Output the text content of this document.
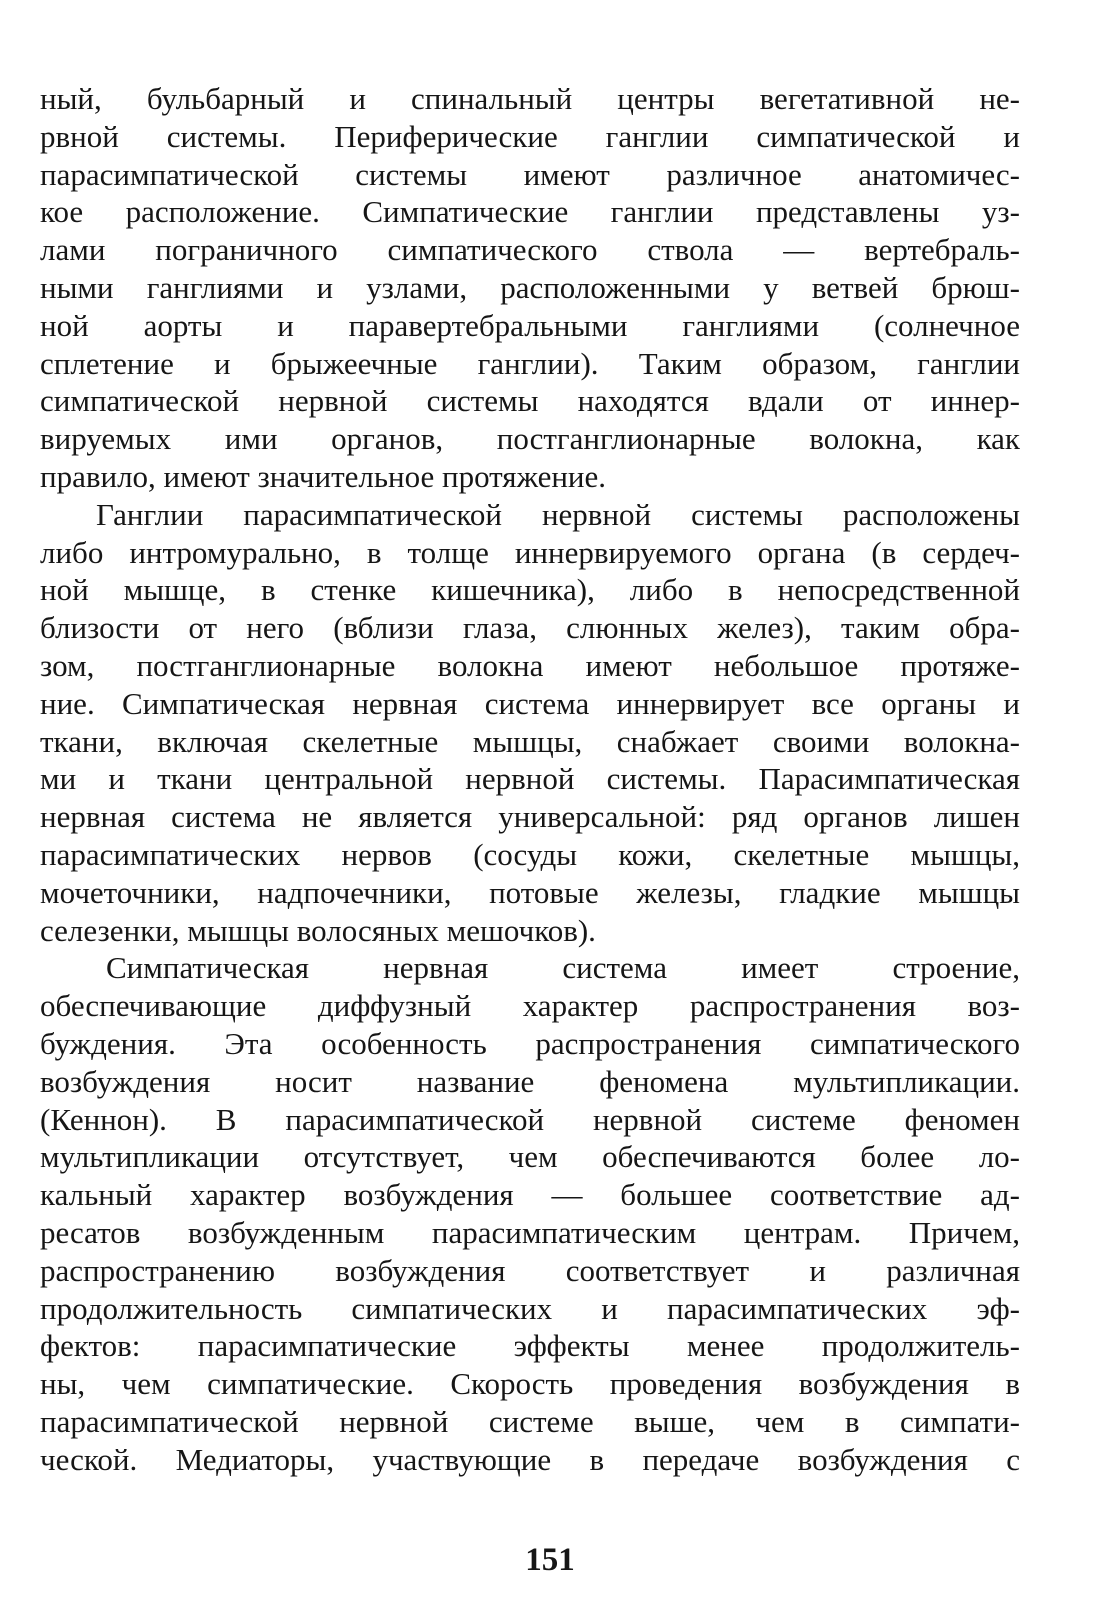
ный, бульбарный и спинальный центры вегетативной не-
рвной системы. Периферические ганглии симпатической и
парасимпатической системы имеют различное анатомичес-
кое расположение. Симпатические ганглии представлены уз-
лами пограничного симпатического ствола — вертебраль-
ными ганглиями и узлами, расположенными у ветвей брюш-
ной аорты и паравертебральными ганглиями (солнечное
сплетение и брыжеечные ганглии). Таким образом, ганглии
симпатической нервной системы находятся вдали от иннер-
вируемых ими органов, постганглионарные волокна, как
правило, имеют значительное протяжение.
Ганглии парасимпатической нервной системы расположены
либо интромурально, в толще иннервируемого органа (в сердеч-
ной мышце, в стенке кишечника), либо в непосредственной
близости от него (вблизи глаза, слюнных желез), таким обра-
зом, постганглионарные волокна имеют небольшое протяже-
ние. Симпатическая нервная система иннервирует все органы и
ткани, включая скелетные мышцы, снабжает своими волокна-
ми и ткани центральной нервной системы. Парасимпатическая
нервная система не является универсальной: ряд органов лишен
парасимпатических нервов (сосуды кожи, скелетные мышцы,
мочеточники, надпочечники, потовые железы, гладкие мышцы
селезенки, мышцы волосяных мешочков).
Симпатическая нервная система имеет строение,
обеспечивающие диффузный характер распространения воз-
буждения. Эта особенность распространения симпатического
возбуждения носит название феномена мультипликации.
(Кеннон). В парасимпатической нервной системе феномен
мультипликации отсутствует, чем обеспечиваются более ло-
кальный характер возбуждения — большее соответствие ад-
ресатов возбужденным парасимпатическим центрам. Причем,
распространению возбуждения соответствует и различная
продолжительность симпатических и парасимпатических эф-
фектов: парасимпатические эффекты менее продолжитель-
ны, чем симпатические. Скорость проведения возбуждения в
парасимпатической нервной системе выше, чем в симпати-
ческой. Медиаторы, участвующие в передаче возбуждения с
151
